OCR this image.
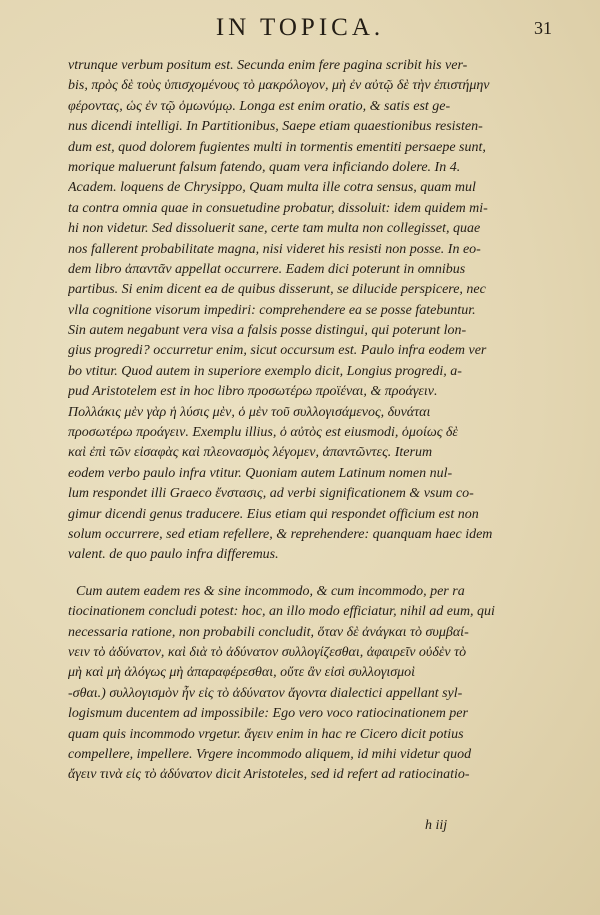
IN TOPICA.	31
vtrunque verbum positum est. Secunda enim fere pagina scribit his ver-
bis, πρὸς δὲ τοὺς ὑπισχομένους τὸ μακρόλογον, μὴ ἐν αὐτῷ δὲ τὴν ἐπιστήμην
φέροντας, ὡς ἐν τῷ ὁμωνύμῳ. Longa est enim oratio, & satis est ge-
nus dicendi intelligi. In Partitionibus, Saepe etiam quaestionibus resisten-
dum est, quod dolorem fugientes multi in tormentis ementiti persaepe sunt,
morique maluerunt falsum fatendo, quam vera inficiando dolere. In 4.
Academ. loquens de Chrysippo, Quam multa ille cotra sensus, quam mul
ta contra omnia quae in consuetudine probatur, dissoluit: idem quidem mi-
hi non videtur. Sed dissoluerit sane, certe tam multa non collegisset, quae
nos fallerent probabilitate magna, nisi videret his resisti non posse. In eo-
dem libro ἀπαντᾶν appellat occurrere. Eadem dici poterunt in omnibus
partibus. Si enim dicent ea de quibus disserunt, se dilucide perspicere, nec
vlla cognitione visorum impediri: comprehendere ea se posse fatebuntur.
Sin autem negabunt vera visa a falsis posse distingui, qui poterunt lon-
gius progredi? occurretur enim, sicut occursum est. Paulo infra eodem ver
bo vtitur. Quod autem in superiore exemplo dicit, Longius progredi, a-
pud Aristotelem est in hoc libro προσωτέρω προϊέναι, & προάγειν.
Πολλάκις μὲν γὰρ ἡ λύσις μὲν, ὁ μὲν τοῦ συλλογισάμενος, δυνάται
προσωτέρω προάγειν. Exemplu illius, ὁ αὐτὸς est eiusmodi, ὁμοίως δὲ
καὶ ἐπὶ τῶν εἰσαφὰς καὶ πλεονασμὸς λέγομεν, ἀπαντῶντες. Iterum
eodem verbo paulo infra vtitur. Quoniam autem Latinum nomen nul-
lum respondet illi Graeco ἔνστασις, ad verbi significationem & vsum co-
gimur dicendi genus traducere. Eius etiam qui respondet officium est non
solum occurrere, sed etiam refellere, & reprehendere: quanquam haec idem
valent. de quo paulo infra differemus.
Cum autem eadem res & sine incommodo, & cum incommodo, per ra
tiocinationem concludi potest: hoc, an illo modo efficiatur, nihil ad eum, qui
necessaria ratione, non probabili concludit, ὅταν δὲ ἀνάγκαι τὸ συμβαί-
νειν τὸ ἀδύνατον, καὶ διὰ τὸ ἀδύνατον συλλογίζεσθαι, ἀφαιρεῖν οὐδὲν τὸ
μὴ καὶ μὴ ἀλόγως μὴ ἀπαραφέρεσθαι, οὔτε ἂν εἰσὶ συλλογισμοὶ
-σθαι.) συλλογισμὸν ἦν εἰς τὸ ἀδύνατον ἄγοντα dialectici appellant syl-
logismum ducentem ad impossibile: Ego vero voco ratiocinationem per
quam quis incommodo vrgetur. ἄγειν enim in hac re Cicero dicit potius
compellere, impellere. Vrgere incommodo aliquem, id mihi videtur quod
ἄγειν τινὰ εἰς τὸ ἀδύνατον dicit Aristoteles, sed id refert ad ratiocinatio-
h iij
